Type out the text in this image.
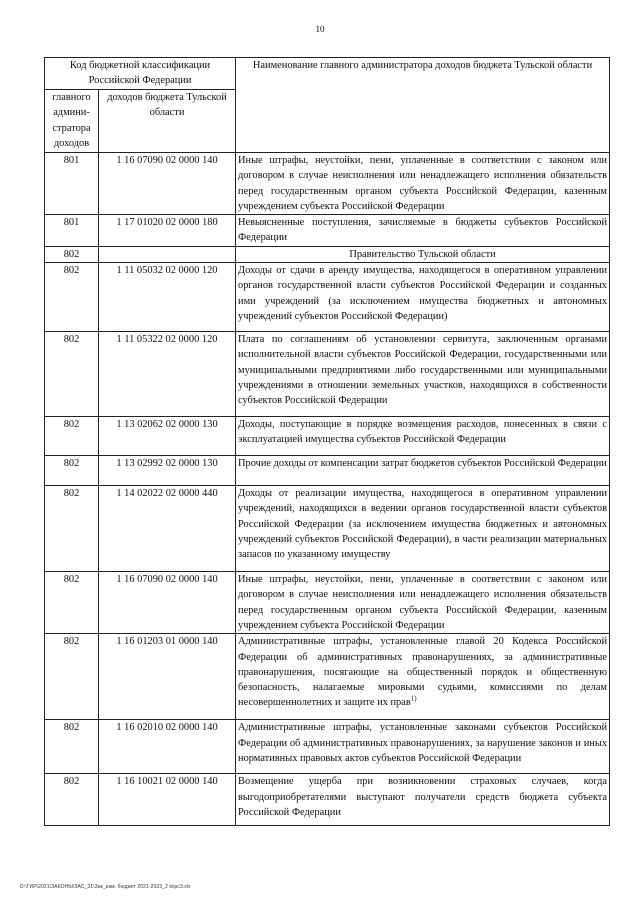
10
Код бюджетной классификации Российской Федерации		Наименование главного администратора доходов бюджета Тульской области
главного админи-стратора доходов	доходов бюджета Тульской области	
801	1 16 07090 02 0000 140	Иные штрафы, неустойки, пени, уплаченные в соответствии с законом или договором в случае неисполнения или ненадлежащего исполнения обязательств перед государственным органом субъекта Российской Федерации, казенным учреждением субъекта Российской Федерации
801	1 17 01020 02 0000 180	Невыясненные поступления, зачисляемые в бюджеты субъектов Российской Федерации
802		Правительство Тульской области
802	1 11 05032 02 0000 120	Доходы от сдачи в аренду имущества, находящегося в оперативном управлении органов государственной власти субъектов Российской Федерации и созданных ими учреждений (за исключением имущества бюджетных и автономных учреждений субъектов Российской Федерации)
802	1 11 05322 02 0000 120	Плата по соглашениям об установлении сервитута, заключенным органами исполнительной власти субъектов Российской Федерации, государственными или муниципальными предприятиями либо государственными или муниципальными учреждениями в отношении земельных участков, находящихся в собственности субъектов Российской Федерации
802	1 13 02062 02 0000 130	Доходы, поступающие в порядке возмещения расходов, понесенных в связи с эксплуатацией имущества субъектов Российской Федерации
802	1 13 02992 02 0000 130	Прочие доходы от компенсации затрат бюджетов субъектов Российской Федерации
802	1 14 02022 02 0000 440	Доходы от реализации имущества, находящегося в оперативном управлении учреждений, находящихся в ведении органов государственной власти субъектов Российской Федерации (за исключением имущества бюджетных и автономных учреждений субъектов Российской Федерации), в части реализации материальных запасов по указанному имуществу
802	1 16 07090 02 0000 140	Иные штрафы, неустойки, пени, уплаченные в соответствии с законом или договором в случае неисполнения или ненадлежащего исполнения обязательств перед государственным органом субъекта Российской Федерации, казенным учреждением субъекта Российской Федерации
802	1 16 01203 01 0000 140	Административные штрафы, установленные главой 20 Кодекса Российской Федерации об административных правонарушениях, за административные правонарушения, посягающие на общественный порядок и общественную безопасность, налагаемые мировыми судьями, комиссиями по делам несовершеннолетних и защите их прав$^{1)}$
802	1 16 02010 02 0000 140	Административные штрафы, установленные законами субъектов Российской Федерации об административных правонарушениях, за нарушение законов и иных нормативных правовых актов субъектов Российской Федерации
802	1 16 10021 02 0000 140	Возмещение ущерба при возникновении страховых случаев, когда выгодоприобретателями выступают получатели средств бюджета субъекта Российской Федерации
D:\ГИР\2021\ЗАКОНЫ\ЗАС_31\Зак_изм. бюджет 2021-2023_2 м\рс3.xls
